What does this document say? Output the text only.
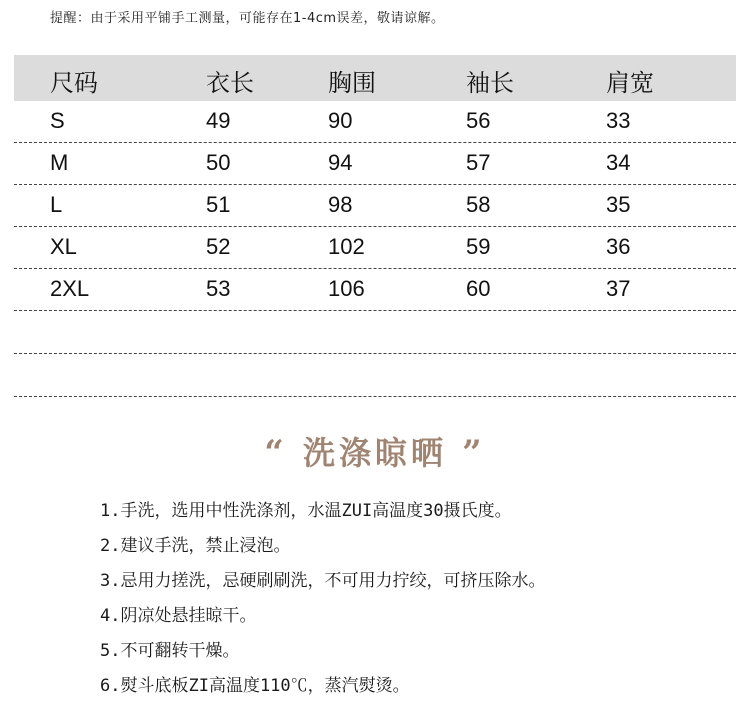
提醒：由于采用平铺手工测量，可能存在1-4cm误差，敬请谅解。
尺码	衣长	胸围	袖长	肩宽
S	49	90	56	33
M	50	94	57	34
L	51	98	58	35
XL	52	102	59	36
2XL	53	106	60	37
“ 洗涤晾晒 ”
1.手洗，选用中性洗涤剂，水温ZUI高温度30摄氏度。
2.建议手洗，禁止浸泡。
3.忌用力搓洗，忌硬刷刷洗，不可用力拧绞，可挤压除水。
4.阴凉处悬挂晾干。
5.不可翻转干燥。
6.熨斗底板ZI高温度110℃，蒸汽熨烫。
